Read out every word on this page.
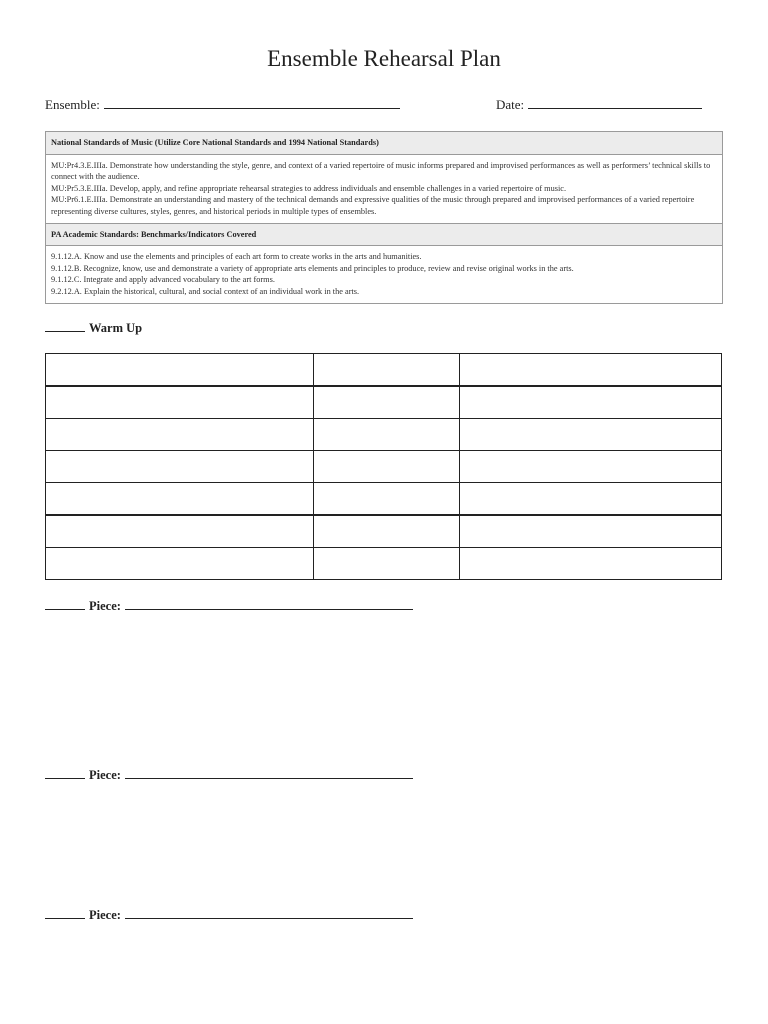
Ensemble Rehearsal Plan
Ensemble:	Date:
National Standards of Music (Utilize Core National Standards and 1994 National Standards)
MU:Pr4.3.E.IIIa. Demonstrate how understanding the style, genre, and context of a varied repertoire of music informs prepared and improvised performances as well as performers’ technical skills to connect with the audience.
MU:Pr5.3.E.IIIa. Develop, apply, and refine appropriate rehearsal strategies to address individuals and ensemble challenges in a varied repertoire of music.
MU:Pr6.1.E.IIIa. Demonstrate an understanding and mastery of the technical demands and expressive qualities of the music through prepared and improvised performances of a varied repertoire representing diverse cultures, styles, genres, and historical periods in multiple types of ensembles.
PA Academic Standards: Benchmarks/Indicators Covered
9.1.12.A. Know and use the elements and principles of each art form to create works in the arts and humanities.
9.1.12.B. Recognize, know, use and demonstrate a variety of appropriate arts elements and principles to produce, review and revise original works in the arts.
9.1.12.C. Integrate and apply advanced vocabulary to the art forms.
9.2.12.A. Explain the historical, cultural, and social context of an individual work in the arts.
Warm Up

Piece:
Piece:
Piece:
